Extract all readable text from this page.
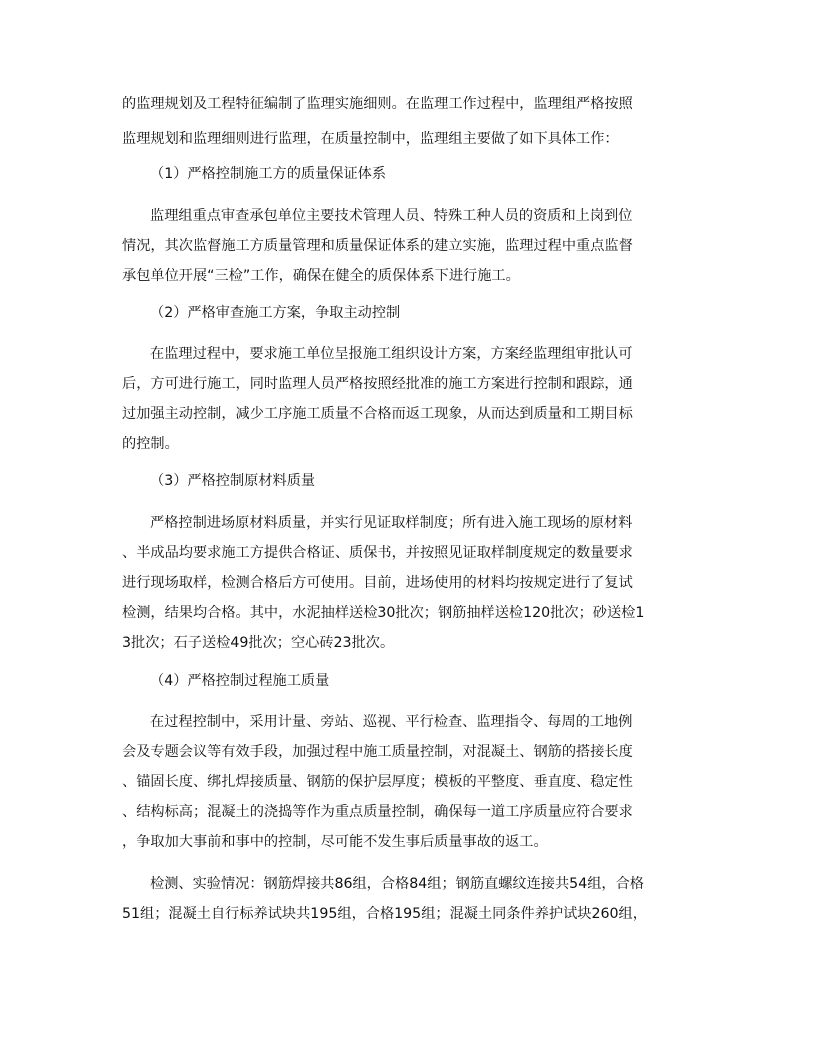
的监理规划及工程特征编制了监理实施细则。在监理工作过程中，监理组严格按照
监理规划和监理细则进行监理，在质量控制中，监理组主要做了如下具体工作：
（1）严格控制施工方的质量保证体系
监理组重点审查承包单位主要技术管理人员、特殊工种人员的资质和上岗到位
情况，其次监督施工方质量管理和质量保证体系的建立实施，监理过程中重点监督
承包单位开展“三检”工作，确保在健全的质保体系下进行施工。
（2）严格审查施工方案，争取主动控制
在监理过程中，要求施工单位呈报施工组织设计方案，方案经监理组审批认可
后，方可进行施工，同时监理人员严格按照经批准的施工方案进行控制和跟踪，通
过加强主动控制，减少工序施工质量不合格而返工现象，从而达到质量和工期目标
的控制。
（3）严格控制原材料质量
严格控制进场原材料质量，并实行见证取样制度；所有进入施工现场的原材料
、半成品均要求施工方提供合格证、质保书，并按照见证取样制度规定的数量要求
进行现场取样，检测合格后方可使用。目前，进场使用的材料均按规定进行了复试
检测，结果均合格。其中，水泥抽样送检30批次；钢筋抽样送检120批次；砂送检1
3批次；石子送检49批次；空心砖23批次。
（4）严格控制过程施工质量
在过程控制中，采用计量、旁站、巡视、平行检查、监理指令、每周的工地例
会及专题会议等有效手段，加强过程中施工质量控制，对混凝土、钢筋的搭接长度
、锚固长度、绑扎焊接质量、钢筋的保护层厚度；模板的平整度、垂直度、稳定性
、结构标高；混凝土的浇捣等作为重点质量控制，确保每一道工序质量应符合要求
，争取加大事前和事中的控制，尽可能不发生事后质量事故的返工。
检测、实验情况：钢筋焊接共86组，合格84组；钢筋直螺纹连接共54组，合格
51组；混凝土自行标养试块共195组，合格195组；混凝土同条件养护试块260组，
